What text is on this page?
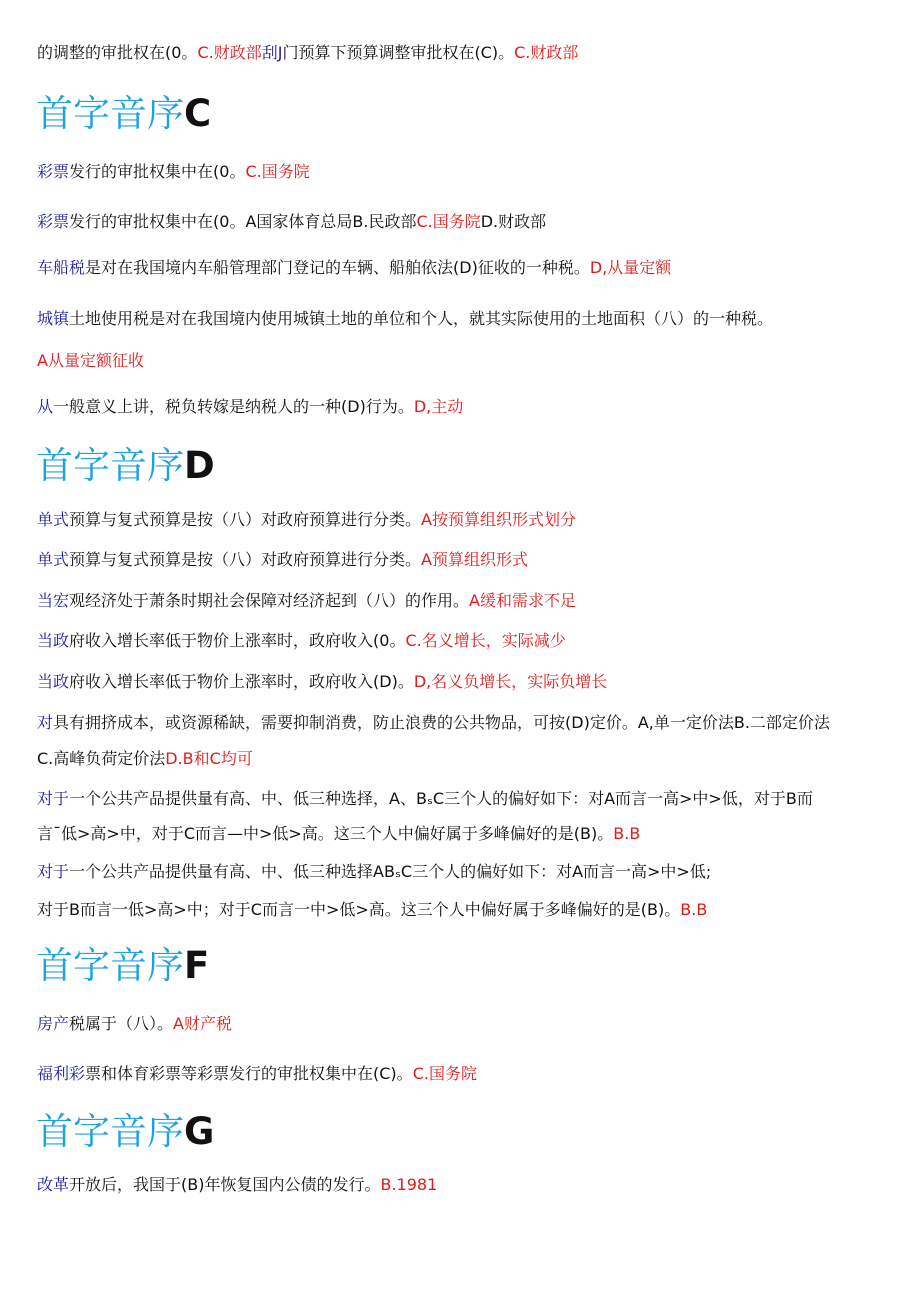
的调整的审批权在(0。C.财政部刮J门预算下预算调整审批权在(C)。C.财政部
首字音序C
彩票发行的审批权集中在(0。C.国务院
彩票发行的审批权集中在(0。A国家体育总局B.民政部C.国务院D.财政部
车船税是对在我国境内车船管理部门登记的车辆、船舶依法(D)征收的一种税。D,从量定额
城镇土地使用税是对在我国境内使用城镇土地的单位和个人，就其实际使用的土地面积（八）的一种税。
A从量定额征收
从一般意义上讲，税负转嫁是纳税人的一种(D)行为。D,主动
首字音序D
单式预算与复式预算是按（八）对政府预算进行分类。A按预算组织形式划分
单式预算与复式预算是按（八）对政府预算进行分类。A预算组织形式
当宏观经济处于萧条时期社会保障对经济起到（八）的作用。A缓和需求不足
当政府收入增长率低于物价上涨率时，政府收入(0。C.名义增长，实际减少
当政府收入增长率低于物价上涨率时，政府收入(D)。D,名义负增长，实际负增长
对具有拥挤成本，或资源稀缺，需要抑制消费，防止浪费的公共物品，可按(D)定价。A,单一定价法B.二部定价法
C.高峰负荷定价法D.B和C均可
对于一个公共产品提供量有高、中、低三种选择，A、BₛC三个人的偏好如下：对A而言一高>中>低，对于B而
言¯低>高>中，对于C而言—中>低>高。这三个人中偏好属于多峰偏好的是(B)。B.B
对于一个公共产品提供量有高、中、低三种选择ABₛC三个人的偏好如下：对A而言一高>中>低;
对于B而言一低>高>中；对于C而言一中>低>高。这三个人中偏好属于多峰偏好的是(B)。B.B
首字音序F
房产税属于（八）。A财产税
福利彩票和体育彩票等彩票发行的审批权集中在(C)。C.国务院
首字音序G
改革开放后，我国于(B)年恢复国内公债的发行。B.1981
